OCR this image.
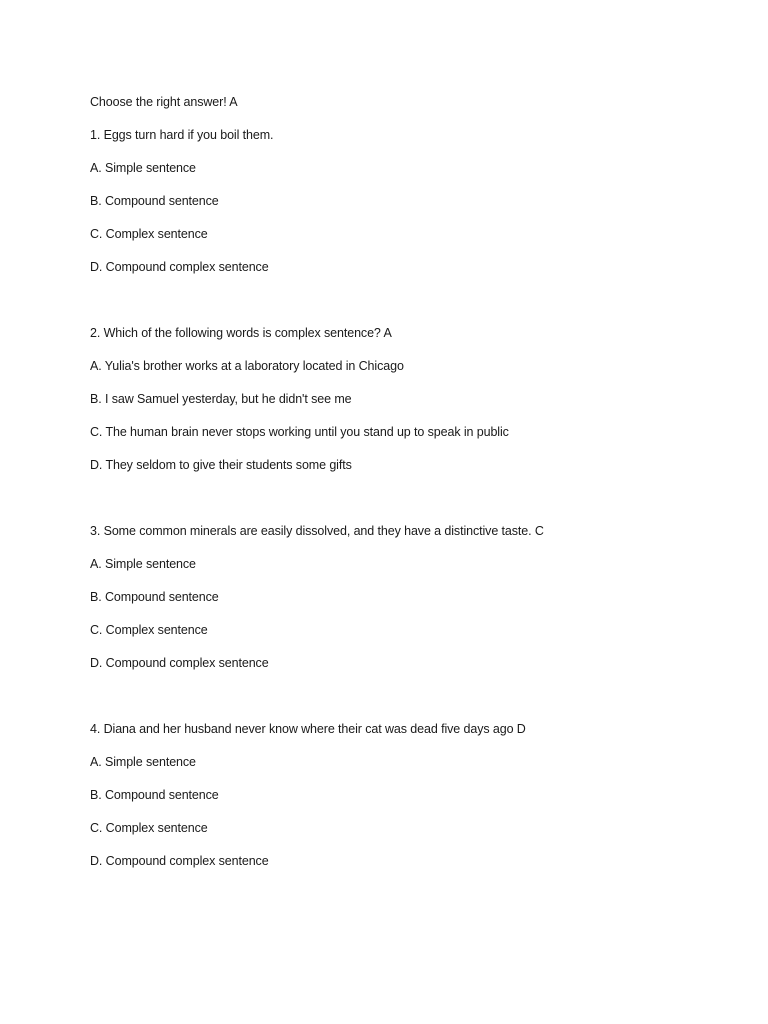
Choose the right answer! A
1. Eggs turn hard if you boil them.
A. Simple sentence
B. Compound sentence
C. Complex sentence
D. Compound complex sentence
2. Which of the following words is complex sentence? A
A. Yulia's brother works at a laboratory located in Chicago
B. I saw Samuel yesterday, but he didn't see me
C. The human brain never stops working until you stand up to speak in public
D. They seldom to give their students some gifts
3. Some common minerals are easily dissolved, and they have a distinctive taste. C
A. Simple sentence
B. Compound sentence
C. Complex sentence
D. Compound complex sentence
4. Diana and her husband never know where their cat was dead five days ago D
A. Simple sentence
B. Compound sentence
C. Complex sentence
D. Compound complex sentence
